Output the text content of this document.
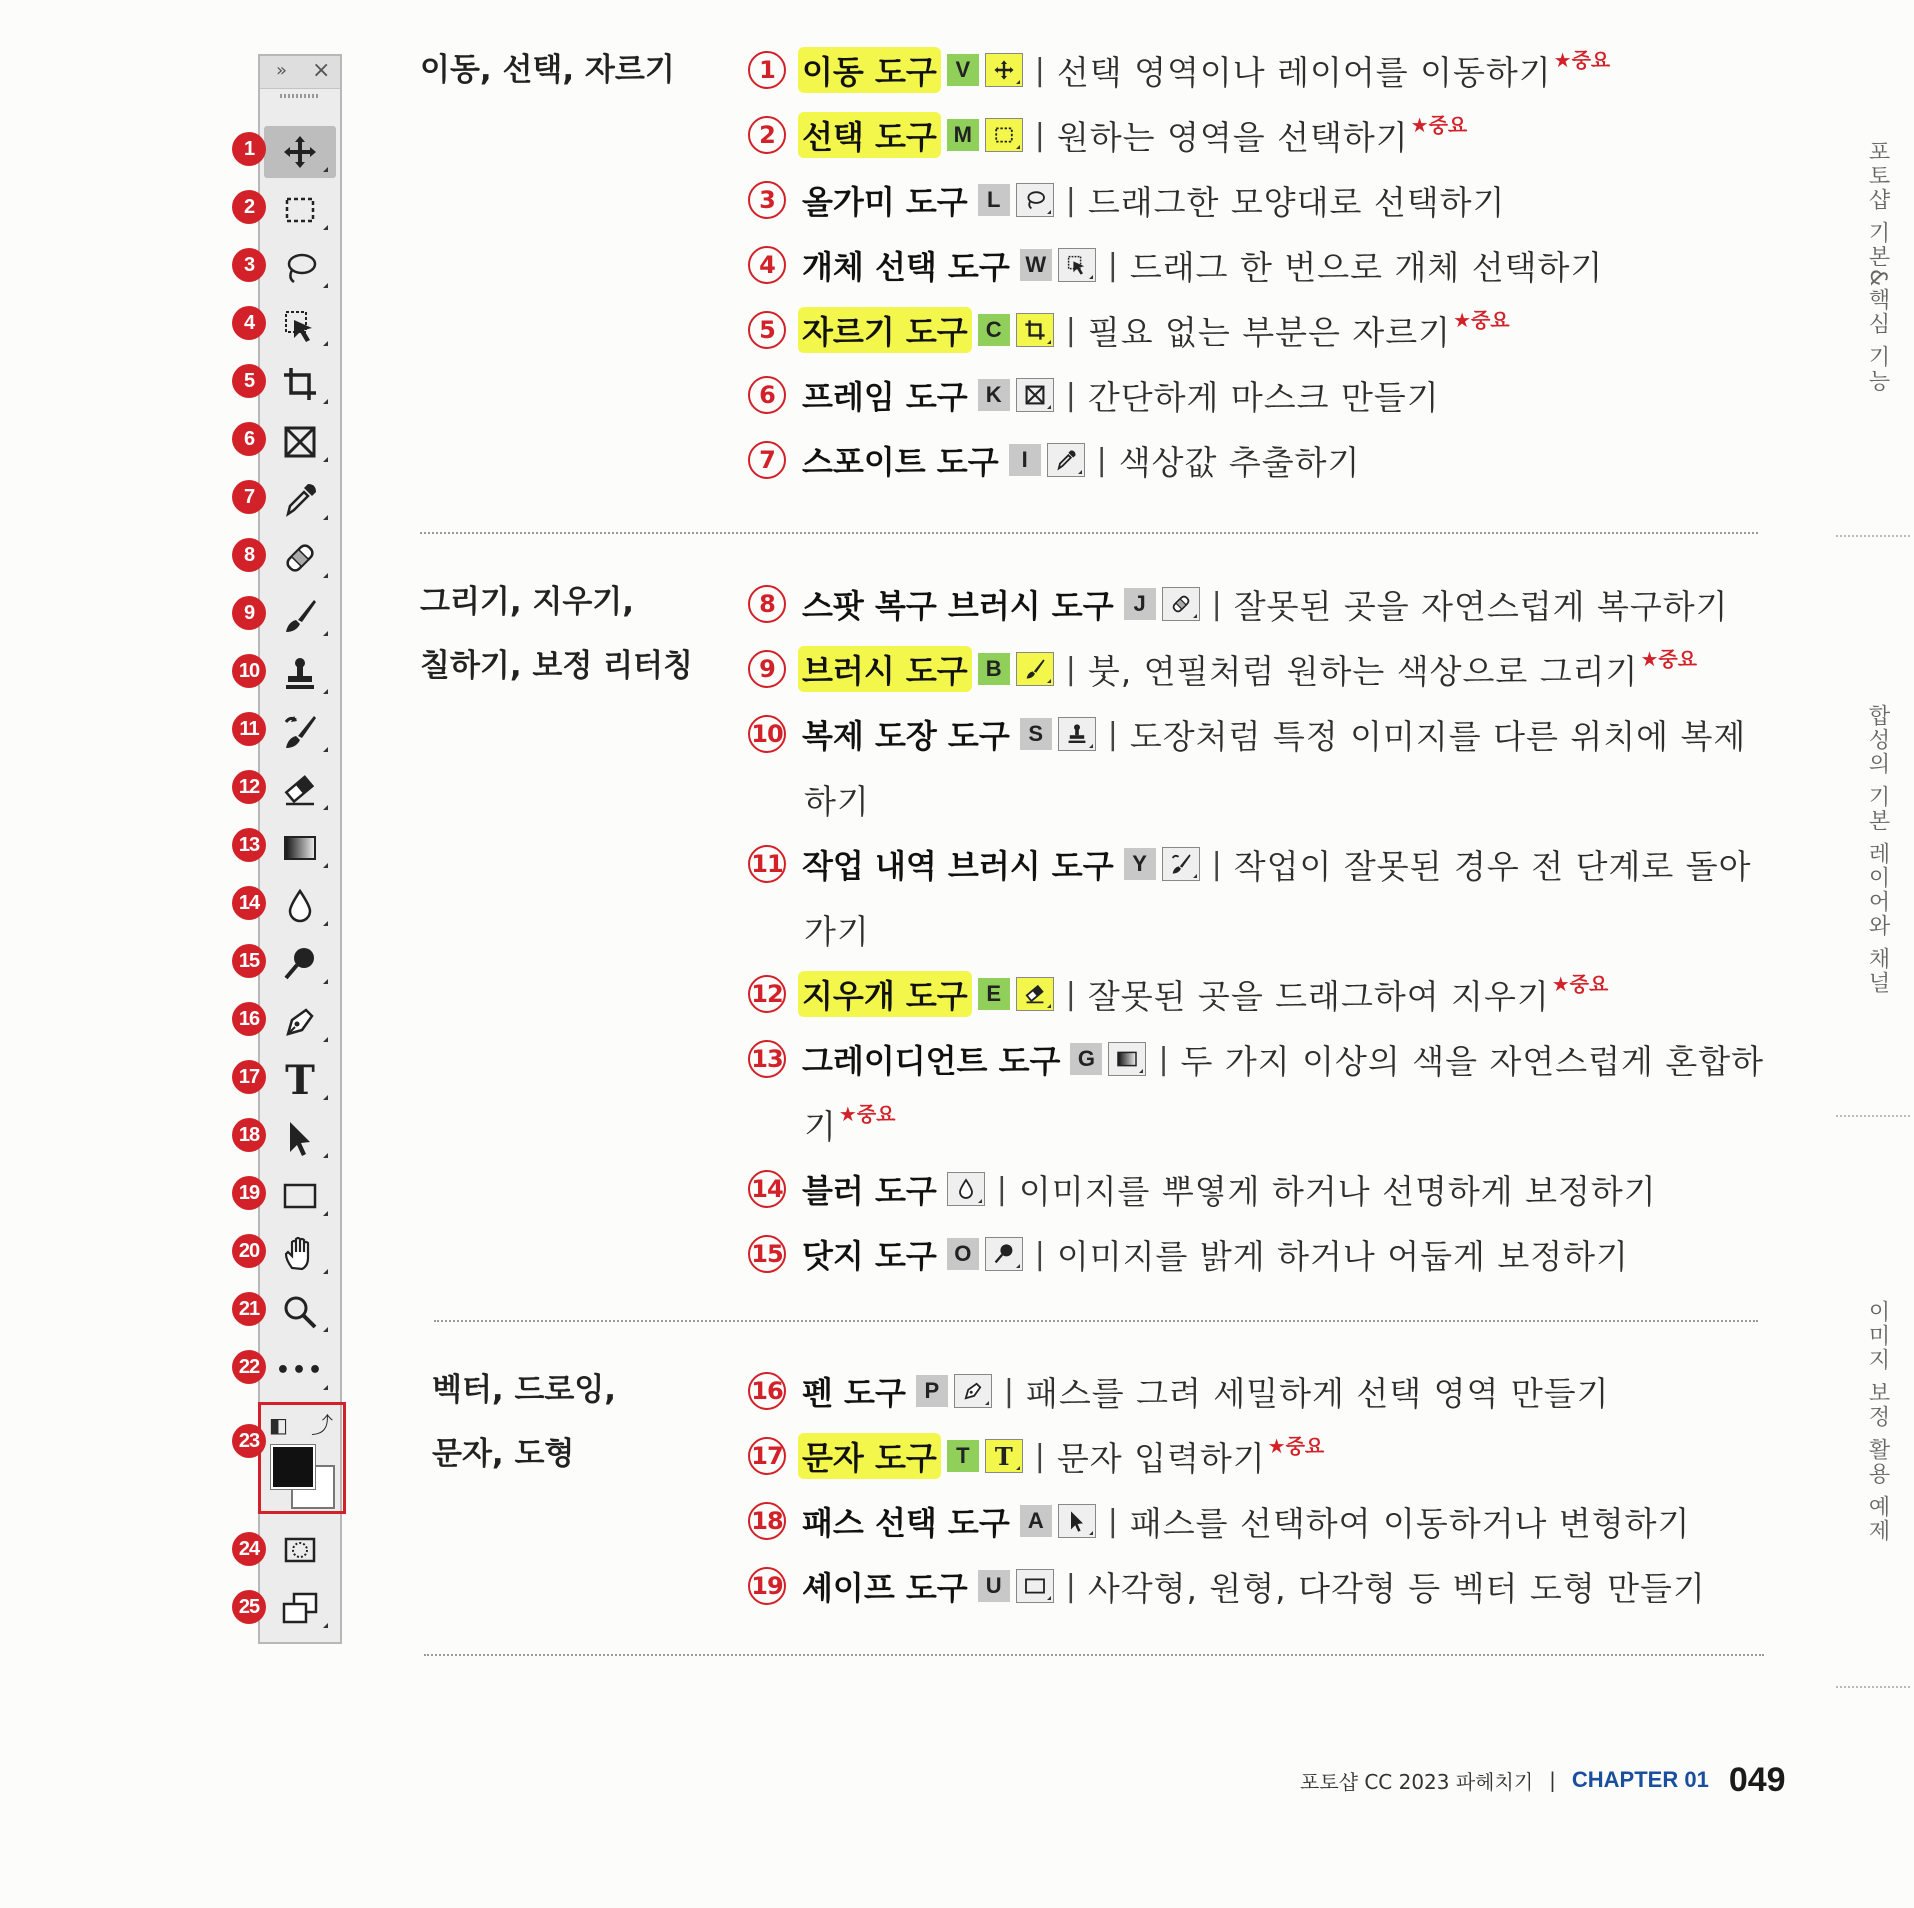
» ×
T
•••
◧ ⤴
1
2
3
4
5
6
7
8
9
10
11
12
13
14
15
16
17
18
19
20
21
22
23
24
25
이동, 선택, 자르기
그리기, 지우기,
칠하기, 보정 리터칭
벡터, 드로잉,
문자, 도형
1 이동 도구 V | 선택 영역이나 레이어를 이동하기 ★중요
2 선택 도구 M | 원하는 영역을 선택하기 ★중요
3 올가미 도구 L	| 드래그한 모양대로 선택하기
4 개체 선택 도구 W | 드래그 한 번으로 개체 선택하기
5 자르기 도구 C | 필요 없는 부분은 자르기 ★중요
6 프레임 도구 K | 간단하게 마스크 만들기
7 스포이트 도구	I	| 색상값 추출하기
8 스팟 복구 브러시 도구 J	| 잘못된 곳을 자연스럽게 복구하기
9 브러시 도구 B | 붓, 연필처럼 원하는 색상으로 그리기 ★중요
10 복제 도장 도구 S | 도장처럼 특정 이미지를 다른 위치에 복제
하기
11 작업 내역 브러시 도구 Y | 작업이 잘못된 경우 전 단계로 돌아
가기
12 지우개 도구 E | 잘못된 곳을 드래그하여 지우기 ★중요
13 그레이디언트 도구 G | 두 가지 이상의 색을 자연스럽게 혼합하
기 ★중요
14 블러 도구 | 이미지를 뿌옇게 하거나 선명하게 보정하기
15 닷지 도구 O | 이미지를 밝게 하거나 어둡게 보정하기
16 펜 도구 P | 패스를 그려 세밀하게 선택 영역 만들기
17 문자 도구 T	T | 문자 입력하기 ★중요
18 패스 선택 도구 A | 패스를 선택하여 이동하거나 변형하기
19 셰이프 도구 U | 사각형, 원형, 다각형 등 벡터 도형 만들기
포토샵 기본&핵심 기능
합성의 기본 레이어와 채널
이미지 보정 활용 예제
포토샵 CC 2023 파헤치기 | CHAPTER 01 049
